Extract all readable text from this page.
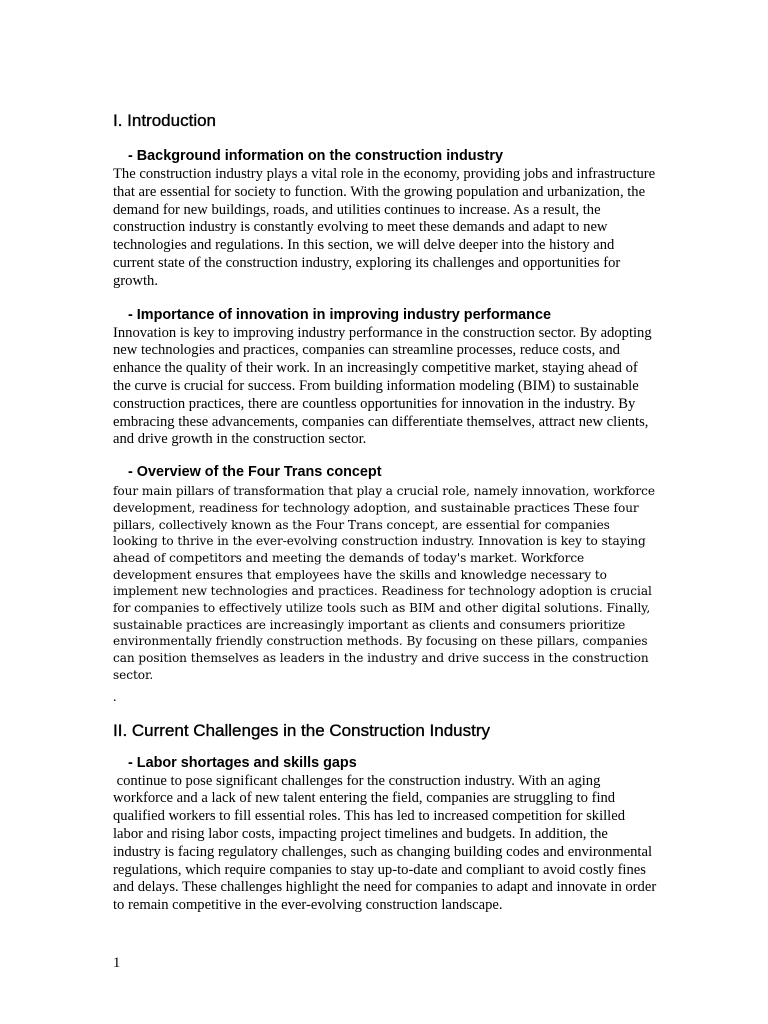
I. Introduction
- Background information on the construction industry

The construction industry plays a vital role in the economy, providing jobs and infrastructure that are essential for society to function. With the growing population and urbanization, the demand for new buildings, roads, and utilities continues to increase. As a result, the construction industry is constantly evolving to meet these demands and adapt to new technologies and regulations. In this section, we will delve deeper into the history and current state of the construction industry, exploring its challenges and opportunities for growth.

- Importance of innovation in improving industry performance

Innovation is key to improving industry performance in the construction sector. By adopting new technologies and practices, companies can streamline processes, reduce costs, and enhance the quality of their work. In an increasingly competitive market, staying ahead of the curve is crucial for success. From building information modeling (BIM) to sustainable construction practices, there are countless opportunities for innovation in the industry. By embracing these advancements, companies can differentiate themselves, attract new clients, and drive growth in the construction sector.

- Overview of the Four Trans concept

four main pillars of transformation that play a crucial role, namely innovation, workforce development, readiness for technology adoption, and sustainable practices These four pillars, collectively known as the Four Trans concept, are essential for companies looking to thrive in the ever-evolving construction industry. Innovation is key to staying ahead of competitors and meeting the demands of today's market. Workforce development ensures that employees have the skills and knowledge necessary to implement new technologies and practices. Readiness for technology adoption is crucial for companies to effectively utilize tools such as BIM and other digital solutions. Finally, sustainable practices are increasingly important as clients and consumers prioritize environmentally friendly construction methods. By focusing on these pillars, companies can position themselves as leaders in the industry and drive success in the construction sector.

.
II. Current Challenges in the Construction Industry
- Labor shortages and skills gaps

continue to pose significant challenges for the construction industry. With an aging workforce and a lack of new talent entering the field, companies are struggling to find qualified workers to fill essential roles. This has led to increased competition for skilled labor and rising labor costs, impacting project timelines and budgets. In addition, the industry is facing regulatory challenges, such as changing building codes and environmental regulations, which require companies to stay up-to-date and compliant to avoid costly fines and delays. These challenges highlight the need for companies to adapt and innovate in order to remain competitive in the ever-evolving construction landscape.

1
